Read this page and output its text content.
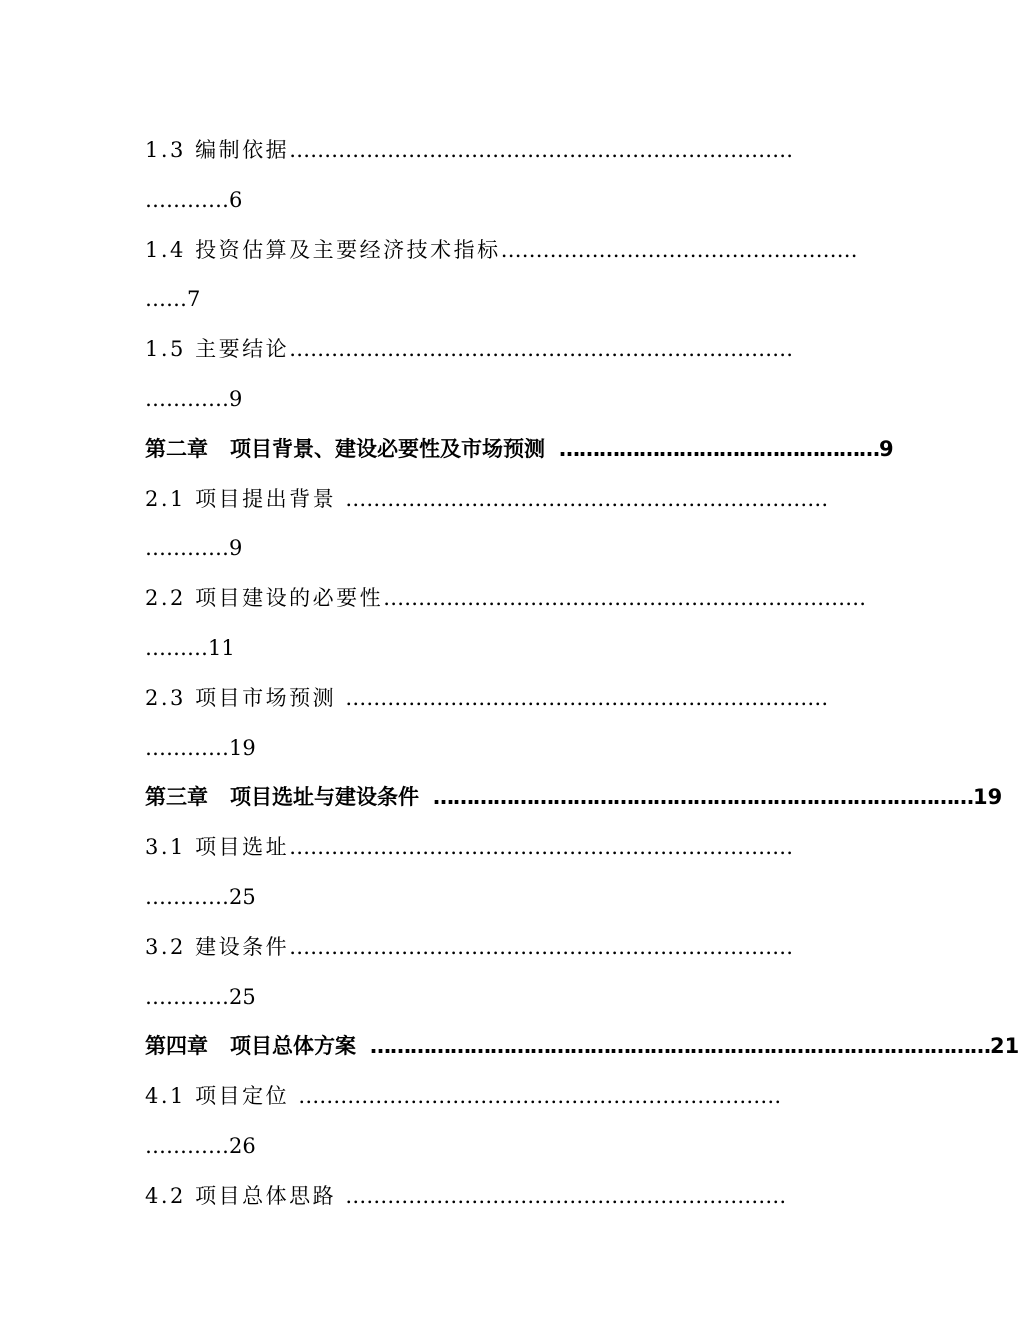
1.3 编制依据………………………………………………………………
…………6
1.4 投资估算及主要经济技术指标……………………………………………
……7
1.5 主要结论………………………………………………………………
…………9
第二章 项目背景、建设必要性及市场预测 ………………………………………… 9
2.1 项目提出背景 ……………………………………………………………
…………9
2.2 项目建设的必要性……………………………………………………………
………11
2.3 项目市场预测 ……………………………………………………………
…………19
第三章 项目选址与建设条件 ……………………………………………………………………… 19
3.1 项目选址………………………………………………………………
…………25
3.2 建设条件………………………………………………………………
…………25
第四章 项目总体方案 ………………………………………………………………………………… 21
4.1 项目定位 ……………………………………………………………
…………26
4.2 项目总体思路 ………………………………………………………
